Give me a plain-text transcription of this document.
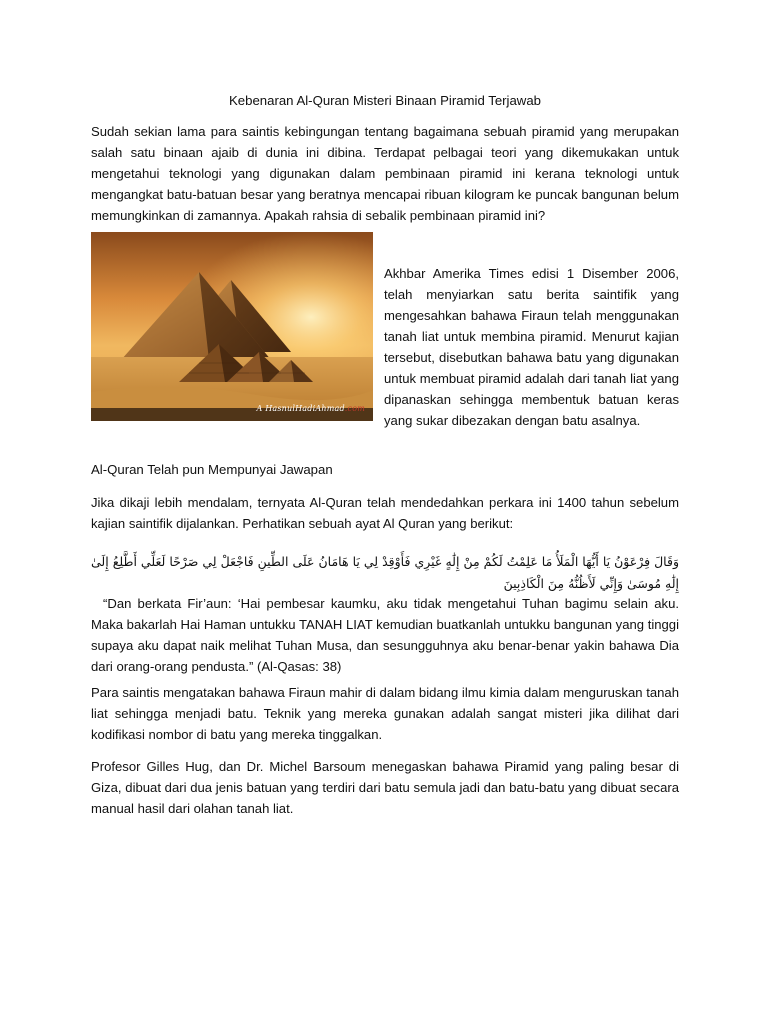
Kebenaran Al-Quran Misteri Binaan Piramid Terjawab

Sudah sekian lama para saintis kebingungan tentang bagaimana sebuah piramid yang merupakan salah satu binaan ajaib di dunia ini dibina. Terdapat pelbagai teori yang dikemukakan untuk mengetahui teknologi yang digunakan dalam pembinaan piramid ini kerana teknologi untuk mengangkat batu-batuan besar yang beratnya mencapai ribuan kilogram ke puncak bangunan belum memungkinkan di zamannya. Apakah rahsia di sebalik pembinaan piramid ini?

A HasnulHadiAhmad.com

Akhbar Amerika Times edisi 1 Disember 2006, telah menyiarkan satu berita saintifik yang mengesahkan bahawa Firaun telah menggunakan tanah liat untuk membina piramid. Menurut kajian tersebut, disebutkan bahawa batu yang digunakan untuk membuat piramid adalah dari tanah liat yang dipanaskan sehingga membentuk batuan keras yang sukar dibezakan dengan batu asalnya.

Al-Quran Telah pun Mempunyai Jawapan

Jika dikaji lebih mendalam, ternyata Al-Quran telah mendedahkan perkara ini 1400 tahun sebelum kajian saintifik dijalankan. Perhatikan sebuah ayat Al Quran yang berikut:

وَقَالَ فِرْعَوْنُ يَا أَيُّهَا الْمَلَأُ مَا عَلِمْتُ لَكُمْ مِنْ إِلَٰهٍ غَيْرِي فَأَوْقِدْ لِي يَا هَامَانُ عَلَى الطِّينِ فَاجْعَلْ لِي صَرْحًا لَعَلِّي أَطَّلِعُ إِلَىٰ إِلَٰهِ مُوسَىٰ وَإِنِّي لَأَظُنُّهُ مِنَ الْكَاذِبِينَ

“Dan berkata Fir’aun: ‘Hai pembesar kaumku, aku tidak mengetahui Tuhan bagimu selain aku. Maka bakarlah Hai Haman untukku TANAH LIAT kemudian buatkanlah untukku bangunan yang tinggi supaya aku dapat naik melihat Tuhan Musa, dan sesungguhnya aku benar-benar yakin bahawa Dia dari orang-orang pendusta.” (Al-Qasas: 38)

Para saintis mengatakan bahawa Firaun mahir di dalam bidang ilmu kimia dalam menguruskan tanah liat sehingga menjadi batu. Teknik yang mereka gunakan adalah sangat misteri jika dilihat dari kodifikasi nombor di batu yang mereka tinggalkan.

Profesor Gilles Hug, dan Dr. Michel Barsoum menegaskan bahawa Piramid yang paling besar di Giza, dibuat dari dua jenis batuan yang terdiri dari batu semula jadi dan batu-batu yang dibuat secara manual hasil dari olahan tanah liat.
